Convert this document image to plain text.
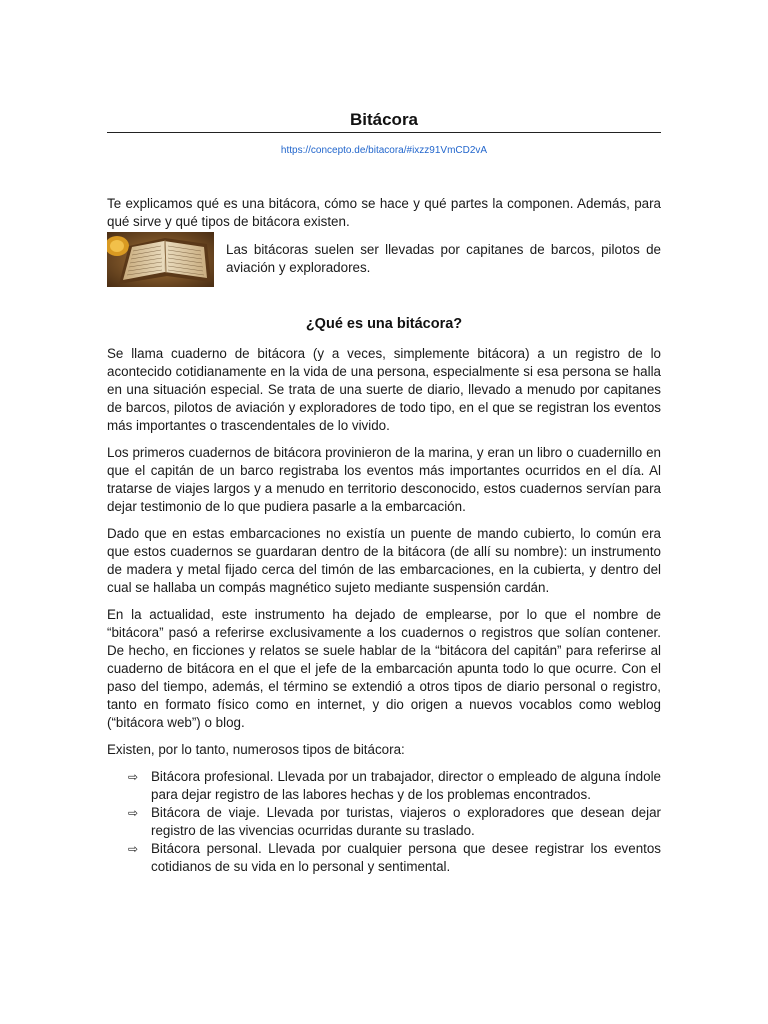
Bitácora
https://concepto.de/bitacora/#ixzz91VmCD2vA

Te explicamos qué es una bitácora, cómo se hace y qué partes la componen. Además, para qué sirve y qué tipos de bitácora existen.

Las bitácoras suelen ser llevadas por capitanes de barcos, pilotos de aviación y exploradores.

¿Qué es una bitácora?

Se llama cuaderno de bitácora (y a veces, simplemente bitácora) a un registro de lo acontecido cotidianamente en la vida de una persona, especialmente si esa persona se halla en una situación especial. Se trata de una suerte de diario, llevado a menudo por capitanes de barcos, pilotos de aviación y exploradores de todo tipo, en el que se registran los eventos más importantes o trascendentales de lo vivido.

Los primeros cuadernos de bitácora provinieron de la marina, y eran un libro o cuadernillo en que el capitán de un barco registraba los eventos más importantes ocurridos en el día. Al tratarse de viajes largos y a menudo en territorio desconocido, estos cuadernos servían para dejar testimonio de lo que pudiera pasarle a la embarcación.

Dado que en estas embarcaciones no existía un puente de mando cubierto, lo común era que estos cuadernos se guardaran dentro de la bitácora (de allí su nombre): un instrumento de madera y metal fijado cerca del timón de las embarcaciones, en la cubierta, y dentro del cual se hallaba un compás magnético sujeto mediante suspensión cardán.

En la actualidad, este instrumento ha dejado de emplearse, por lo que el nombre de “bitácora” pasó a referirse exclusivamente a los cuadernos o registros que solían contener. De hecho, en ficciones y relatos se suele hablar de la “bitácora del capitán” para referirse al cuaderno de bitácora en el que el jefe de la embarcación apunta todo lo que ocurre. Con el paso del tiempo, además, el término se extendió a otros tipos de diario personal o registro, tanto en formato físico como en internet, y dio origen a nuevos vocablos como weblog (“bitácora web”) o blog.

Existen, por lo tanto, numerosos tipos de bitácora:

⇨ Bitácora profesional. Llevada por un trabajador, director o empleado de alguna índole para dejar registro de las labores hechas y de los problemas encontrados.
⇨ Bitácora de viaje. Llevada por turistas, viajeros o exploradores que desean dejar registro de las vivencias ocurridas durante su traslado.
⇨ Bitácora personal. Llevada por cualquier persona que desee registrar los eventos cotidianos de su vida en lo personal y sentimental.
